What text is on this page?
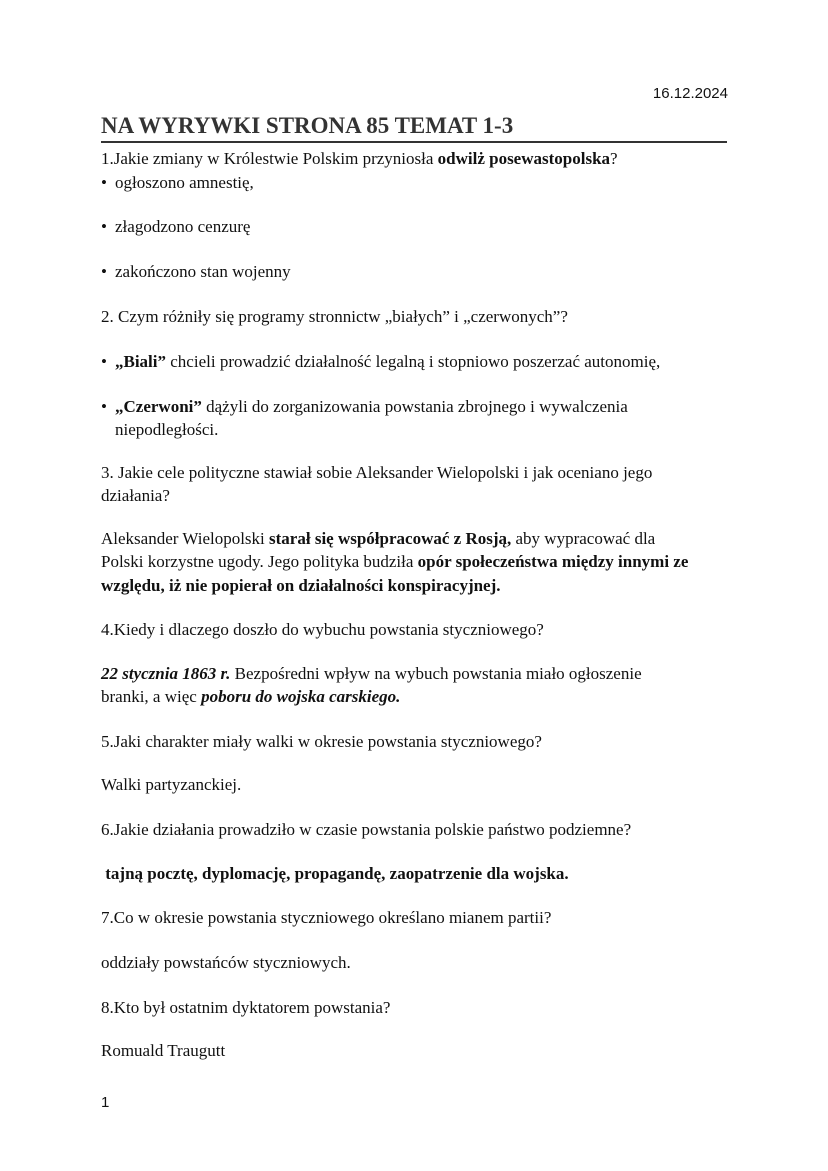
16.12.2024
NA WYRYWKI STRONA 85 TEMAT 1-3
1.Jakie zmiany w Królestwie Polskim przyniosła odwilż posewastopolska?
• ogłoszono amnestię,
• złagodzono cenzurę
• zakończono stan wojenny
2. Czym różniły się programy stronnictw „białych” i „czerwonych”?
• „Biali” chcieli prowadzić działalność legalną i stopniowo poszerzać autonomię,
• „Czerwoni” dążyli do zorganizowania powstania zbrojnego i wywalczenia
niepodległości.
3. Jakie cele polityczne stawiał sobie Aleksander Wielopolski i jak oceniano jego
działania?
Aleksander Wielopolski starał się współpracować z Rosją, aby wypracować dla
Polski korzystne ugody. Jego polityka budziła opór społeczeństwa między innymi ze
względu, iż nie popierał on działalności konspiracyjnej.
4.Kiedy i dlaczego doszło do wybuchu powstania styczniowego?
22 stycznia 1863 r. Bezpośredni wpływ na wybuch powstania miało ogłoszenie
branki, a więc poboru do wojska carskiego.
5.Jaki charakter miały walki w okresie powstania styczniowego?
Walki partyzanckiej.
6.Jakie działania prowadziło w czasie powstania polskie państwo podziemne?
tajną pocztę, dyplomację, propagandę, zaopatrzenie dla wojska.
7.Co w okresie powstania styczniowego określano mianem partii?
oddziały powstańców styczniowych.
8.Kto był ostatnim dyktatorem powstania?
Romuald Traugutt
1
